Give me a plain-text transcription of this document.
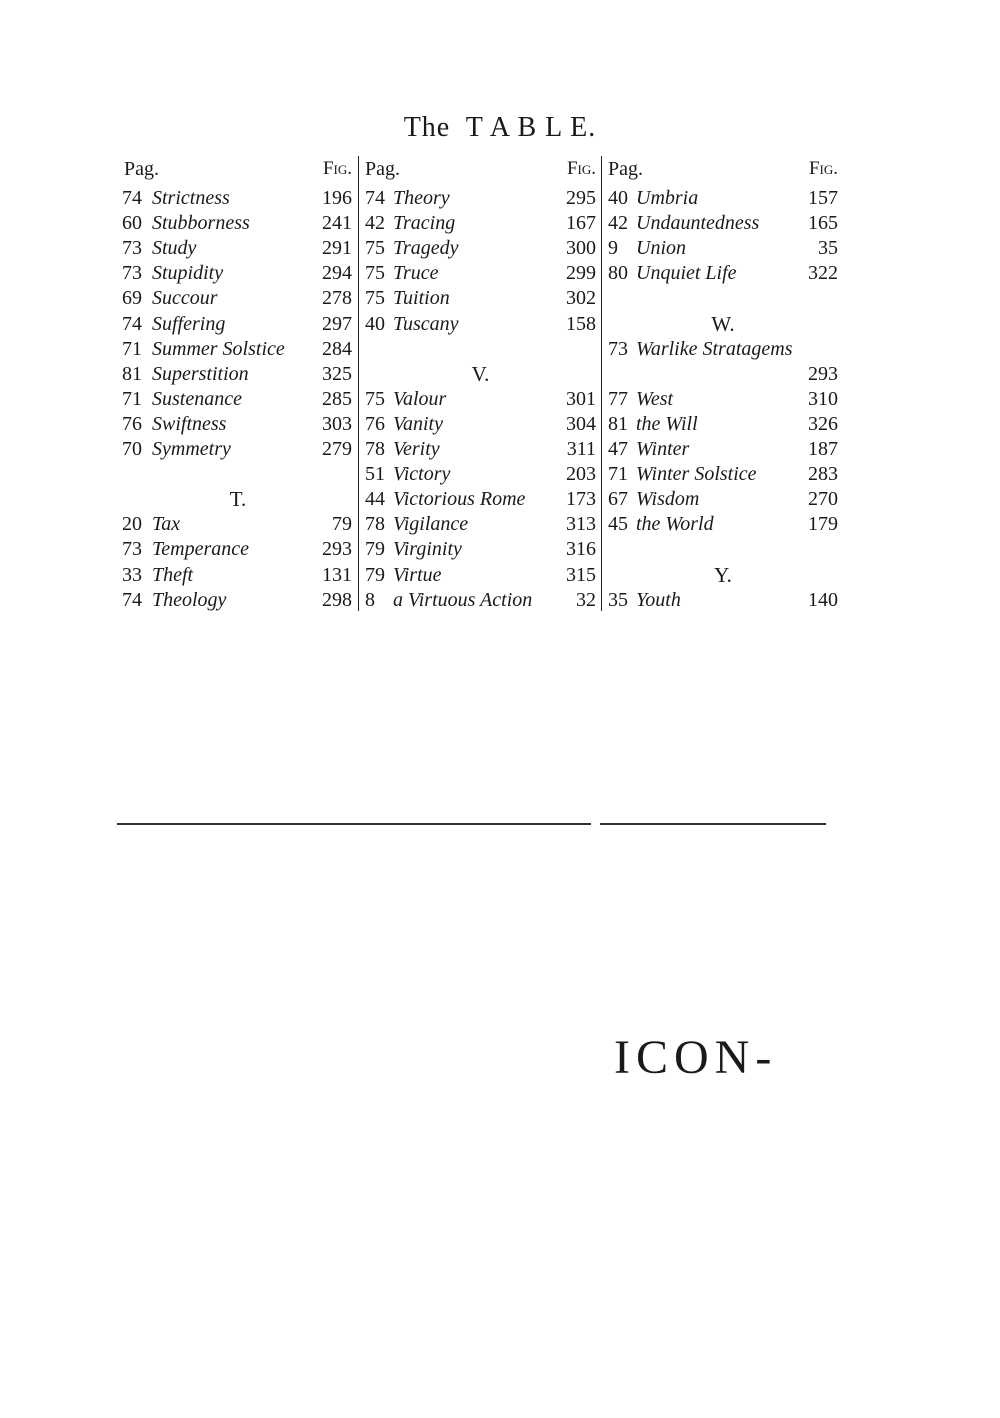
The  T A B L E.
Pag.	Fig.
74 Strictness	196
60 Stubborness	241
73 Study	291
73 Stupidity	294
69 Succour	278
74 Suffering	297
71 Summer Solstice 284
81 Superstition	325
71 Sustenance	285
76 Swiftness	303
70 Symmetry	279
T.
20 Tax	79
73 Temperance	293
33 Theft	131
74 Theology	298
Pag.	Fig.
74 Theory	295
42 Tracing	167
75 Tragedy	300
75 Truce	299
75 Tuition	302
40 Tuscany	158
V.
75 Valour	301
76 Vanity	304
78 Verity	311
51 Victory	203
44 Victorious Rome 173
78 Vigilance	313
79 Virginity	316
79 Virtue	315
8 a Virtuous Action 32
Pag.	Fig.
40 Umbria	157
42 Undauntedness 165
9 Union	35
80 Unquiet Life	322
W.
73 Warlike Stratagems
293
77 West	310
81 the Will	326
47 Winter	187
71 Winter Solstice	283
67 Wisdom	270
45 the World	179
Y.
35 Youth	140
ICON-
